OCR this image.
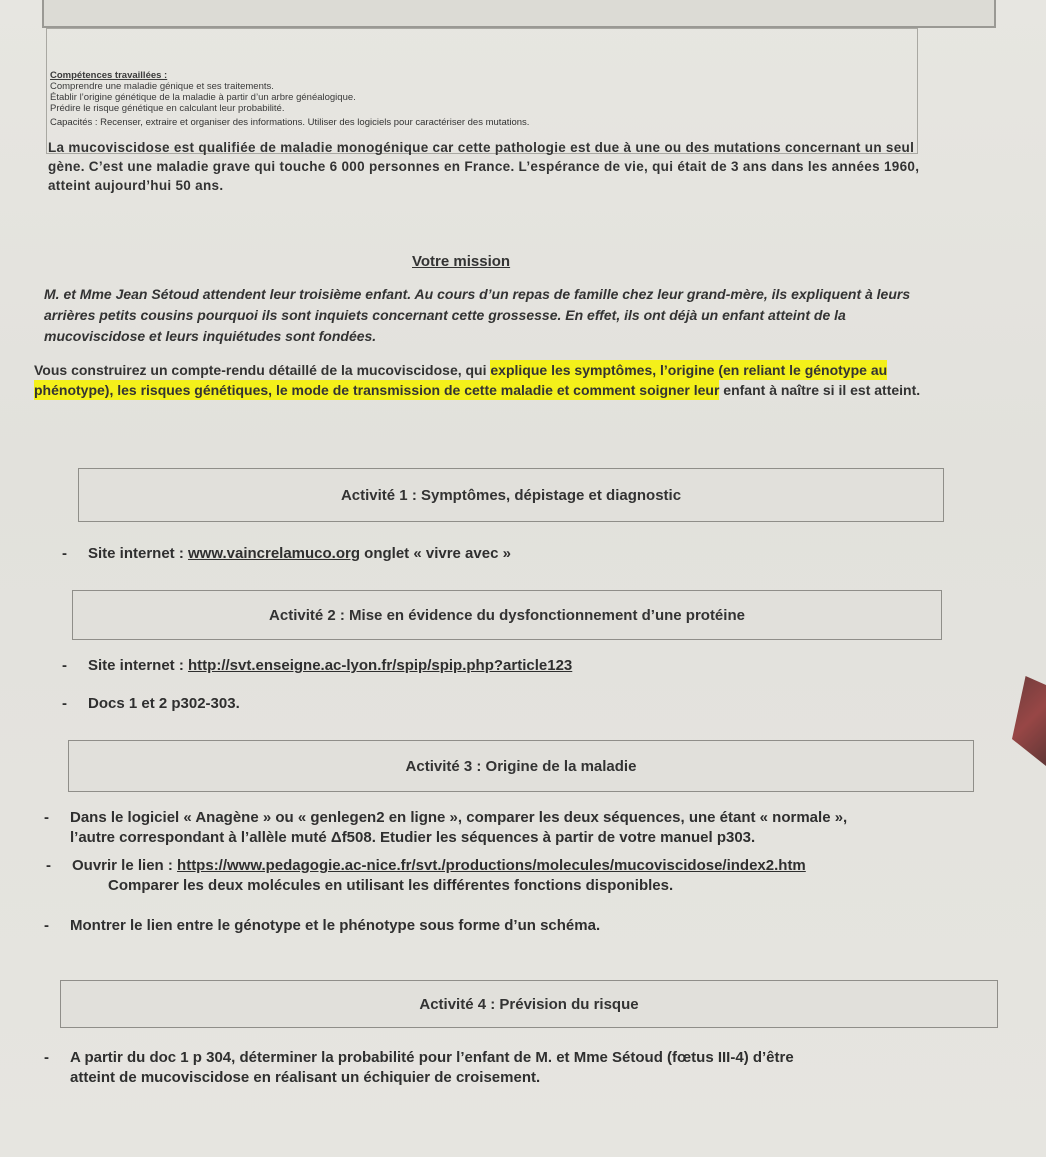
Compétences travaillées :
Comprendre une maladie génique et ses traitements.
Établir l’origine génétique de la maladie à partir d’un arbre généalogique.
Prédire le risque génétique en calculant leur probabilité.
Capacités : Recenser, extraire et organiser des informations. Utiliser des logiciels pour caractériser des mutations.
La mucoviscidose est qualifiée de maladie monogénique car cette pathologie est due à une ou des mutations concernant un seul gène. C’est une maladie grave qui touche 6 000 personnes en France. L’espérance de vie, qui était de 3 ans dans les années 1960, atteint aujourd’hui 50 ans.
Votre mission
M. et Mme Jean Sétoud attendent leur troisième enfant. Au cours d’un repas de famille chez leur grand-mère, ils expliquent à leurs arrières petits cousins pourquoi ils sont inquiets concernant cette grossesse. En effet, ils ont déjà un enfant atteint de la mucoviscidose et leurs inquiétudes sont fondées.
Vous construirez un compte-rendu détaillé de la mucoviscidose, qui explique les symptômes, l’origine (en reliant le génotype au phénotype), les risques génétiques, le mode de transmission de cette maladie et comment soigner leur enfant à naître si il est atteint.
Activité 1 : Symptômes, dépistage et diagnostic
- Site internet : www.vaincrelamuco.org onglet « vivre avec »
Activité 2 : Mise en évidence du dysfonctionnement d’une protéine
- Site internet : http://svt.enseigne.ac-lyon.fr/spip/spip.php?article123
- Docs 1 et 2 p302-303.
Activité 3 : Origine de la maladie
- Dans le logiciel « Anagène » ou « genlegen2 en ligne », comparer les deux séquences, une étant « normale »,
l’autre correspondant à l’allèle muté Δf508. Etudier les séquences à partir de votre manuel p303.
- Ouvrir le lien : https://www.pedagogie.ac-nice.fr/svt./productions/molecules/mucoviscidose/index2.htm
Comparer les deux molécules en utilisant les différentes fonctions disponibles.
- Montrer le lien entre le génotype et le phénotype sous forme d’un schéma.
Activité 4 : Prévision du risque
- A partir du doc 1 p 304, déterminer la probabilité pour l’enfant de M. et Mme Sétoud (fœtus III-4) d’être
atteint de mucoviscidose en réalisant un échiquier de croisement.
